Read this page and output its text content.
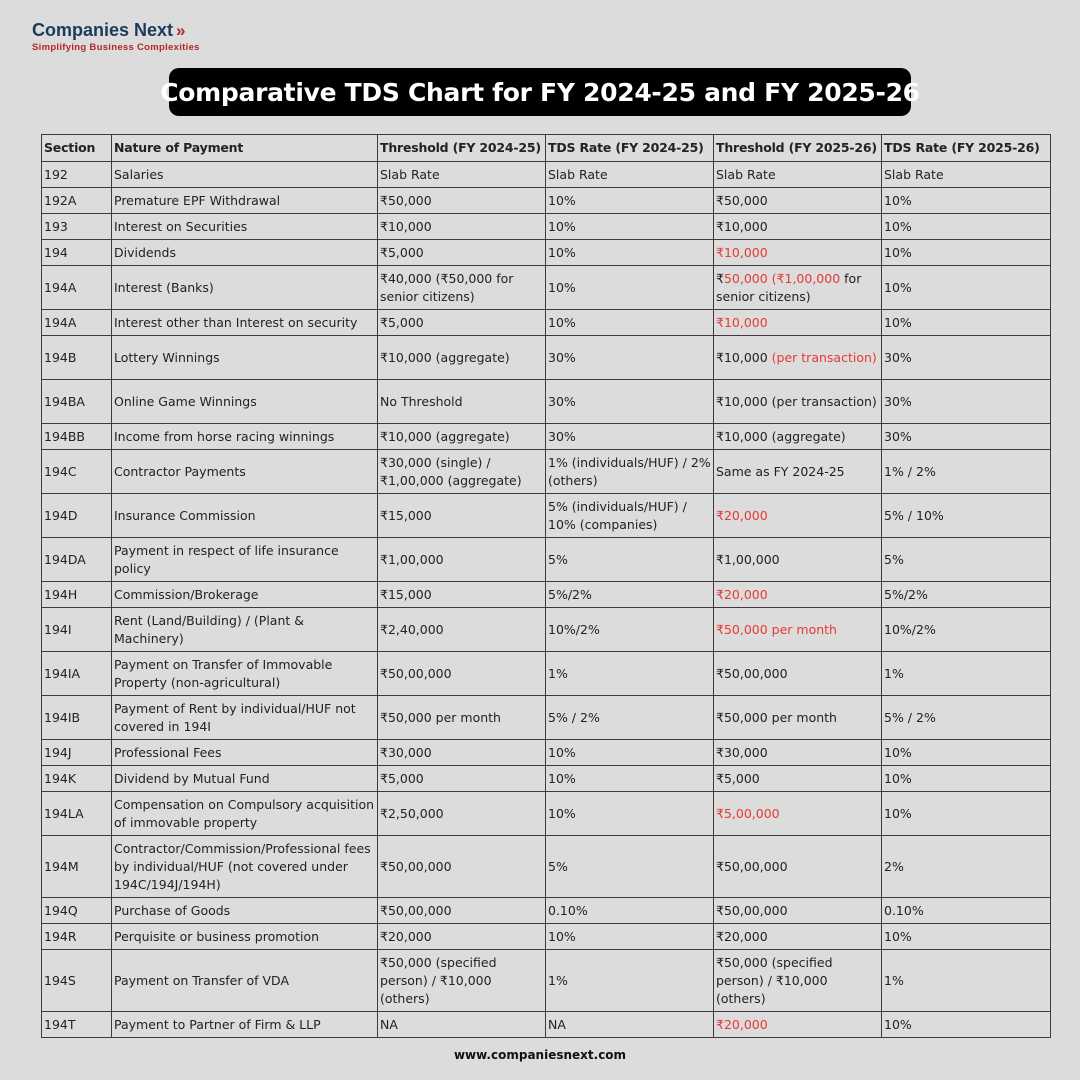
Companies Next »
Simplifying Business Complexities
Comparative TDS Chart for FY 2024-25 and FY 2025-26
Section	Nature of Payment	Threshold (FY 2024-25)	TDS Rate (FY 2024-25)	Threshold (FY 2025-26)	TDS Rate (FY 2025-26)
192	Salaries	Slab Rate	Slab Rate	Slab Rate	Slab Rate
192A	Premature EPF Withdrawal	₹50,000	10%	₹50,000	10%
193	Interest on Securities	₹10,000	10%	₹10,000	10%
194	Dividends	₹5,000	10%	₹10,000	10%
194A	Interest (Banks)	₹40,000 (₹50,000 for senior citizens)	10%	₹50,000 (₹1,00,000 for senior citizens)	10%
194A	Interest other than Interest on security	₹5,000	10%	₹10,000	10%
194B	Lottery Winnings	₹10,000 (aggregate)	30%	₹10,000 (per transaction)	30%
194BA	Online Game Winnings	No Threshold	30%	₹10,000 (per transaction)	30%
194BB	Income from horse racing winnings	₹10,000 (aggregate)	30%	₹10,000 (aggregate)	30%
194C	Contractor Payments	₹30,000 (single) / ₹1,00,000 (aggregate)	1% (individuals/HUF) / 2% (others)	Same as FY 2024-25	1% / 2%
194D	Insurance Commission	₹15,000	5% (individuals/HUF) / 10% (companies)	₹20,000	5% / 10%
194DA	Payment in respect of life insurance policy	₹1,00,000	5%	₹1,00,000	5%
194H	Commission/Brokerage	₹15,000	5%/2%	₹20,000	5%/2%
194I	Rent (Land/Building) / (Plant & Machinery)	₹2,40,000	10%/2%	₹50,000 per month	10%/2%
194IA	Payment on Transfer of Immovable Property (non-agricultural)	₹50,00,000	1%	₹50,00,000	1%
194IB	Payment of Rent by individual/HUF not covered in 194I	₹50,000 per month	5% / 2%	₹50,000 per month	5% / 2%
194J	Professional Fees	₹30,000	10%	₹30,000	10%
194K	Dividend by Mutual Fund	₹5,000	10%	₹5,000	10%
194LA	Compensation on Compulsory acquisition of immovable property	₹2,50,000	10%	₹5,00,000	10%
194M	Contractor/Commission/Professional fees by individual/HUF (not covered under 194C/194J/194H)	₹50,00,000	5%	₹50,00,000	2%
194Q	Purchase of Goods	₹50,00,000	0.10%	₹50,00,000	0.10%
194R	Perquisite or business promotion	₹20,000	10%	₹20,000	10%
194S	Payment on Transfer of VDA	₹50,000 (specified person) / ₹10,000 (others)	1%	₹50,000 (specified person) / ₹10,000 (others)	1%
194T	Payment to Partner of Firm & LLP	NA	NA	₹20,000	10%
www.companiesnext.com
